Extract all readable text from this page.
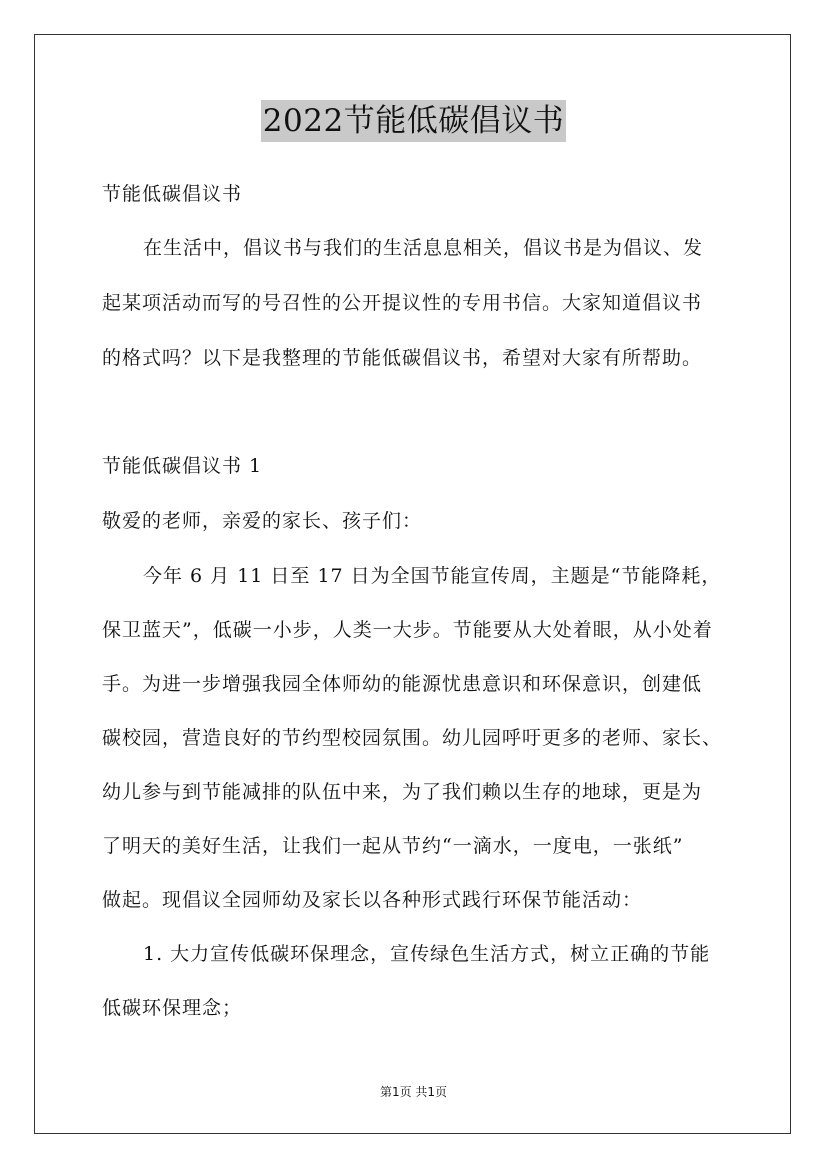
2022节能低碳倡议书
节能低碳倡议书
在生活中，倡议书与我们的生活息息相关，倡议书是为倡议、发
起某项活动而写的号召性的公开提议性的专用书信。大家知道倡议书
的格式吗？以下是我整理的节能低碳倡议书，希望对大家有所帮助。
节能低碳倡议书 1
敬爱的老师，亲爱的家长、孩子们：
今年 6 月 11 日至 17 日为全国节能宣传周，主题是“节能降耗，
保卫蓝天”，低碳一小步，人类一大步。节能要从大处着眼，从小处着
手。为进一步增强我园全体师幼的能源忧患意识和环保意识，创建低
碳校园，营造良好的节约型校园氛围。幼儿园呼吁更多的老师、家长、
幼儿参与到节能减排的队伍中来，为了我们赖以生存的地球，更是为
了明天的美好生活，让我们一起从节约“一滴水，一度电，一张纸”
做起。现倡议全园师幼及家长以各种形式践行环保节能活动：
1. 大力宣传低碳环保理念，宣传绿色生活方式，树立正确的节能
低碳环保理念；
第1页 共1页
